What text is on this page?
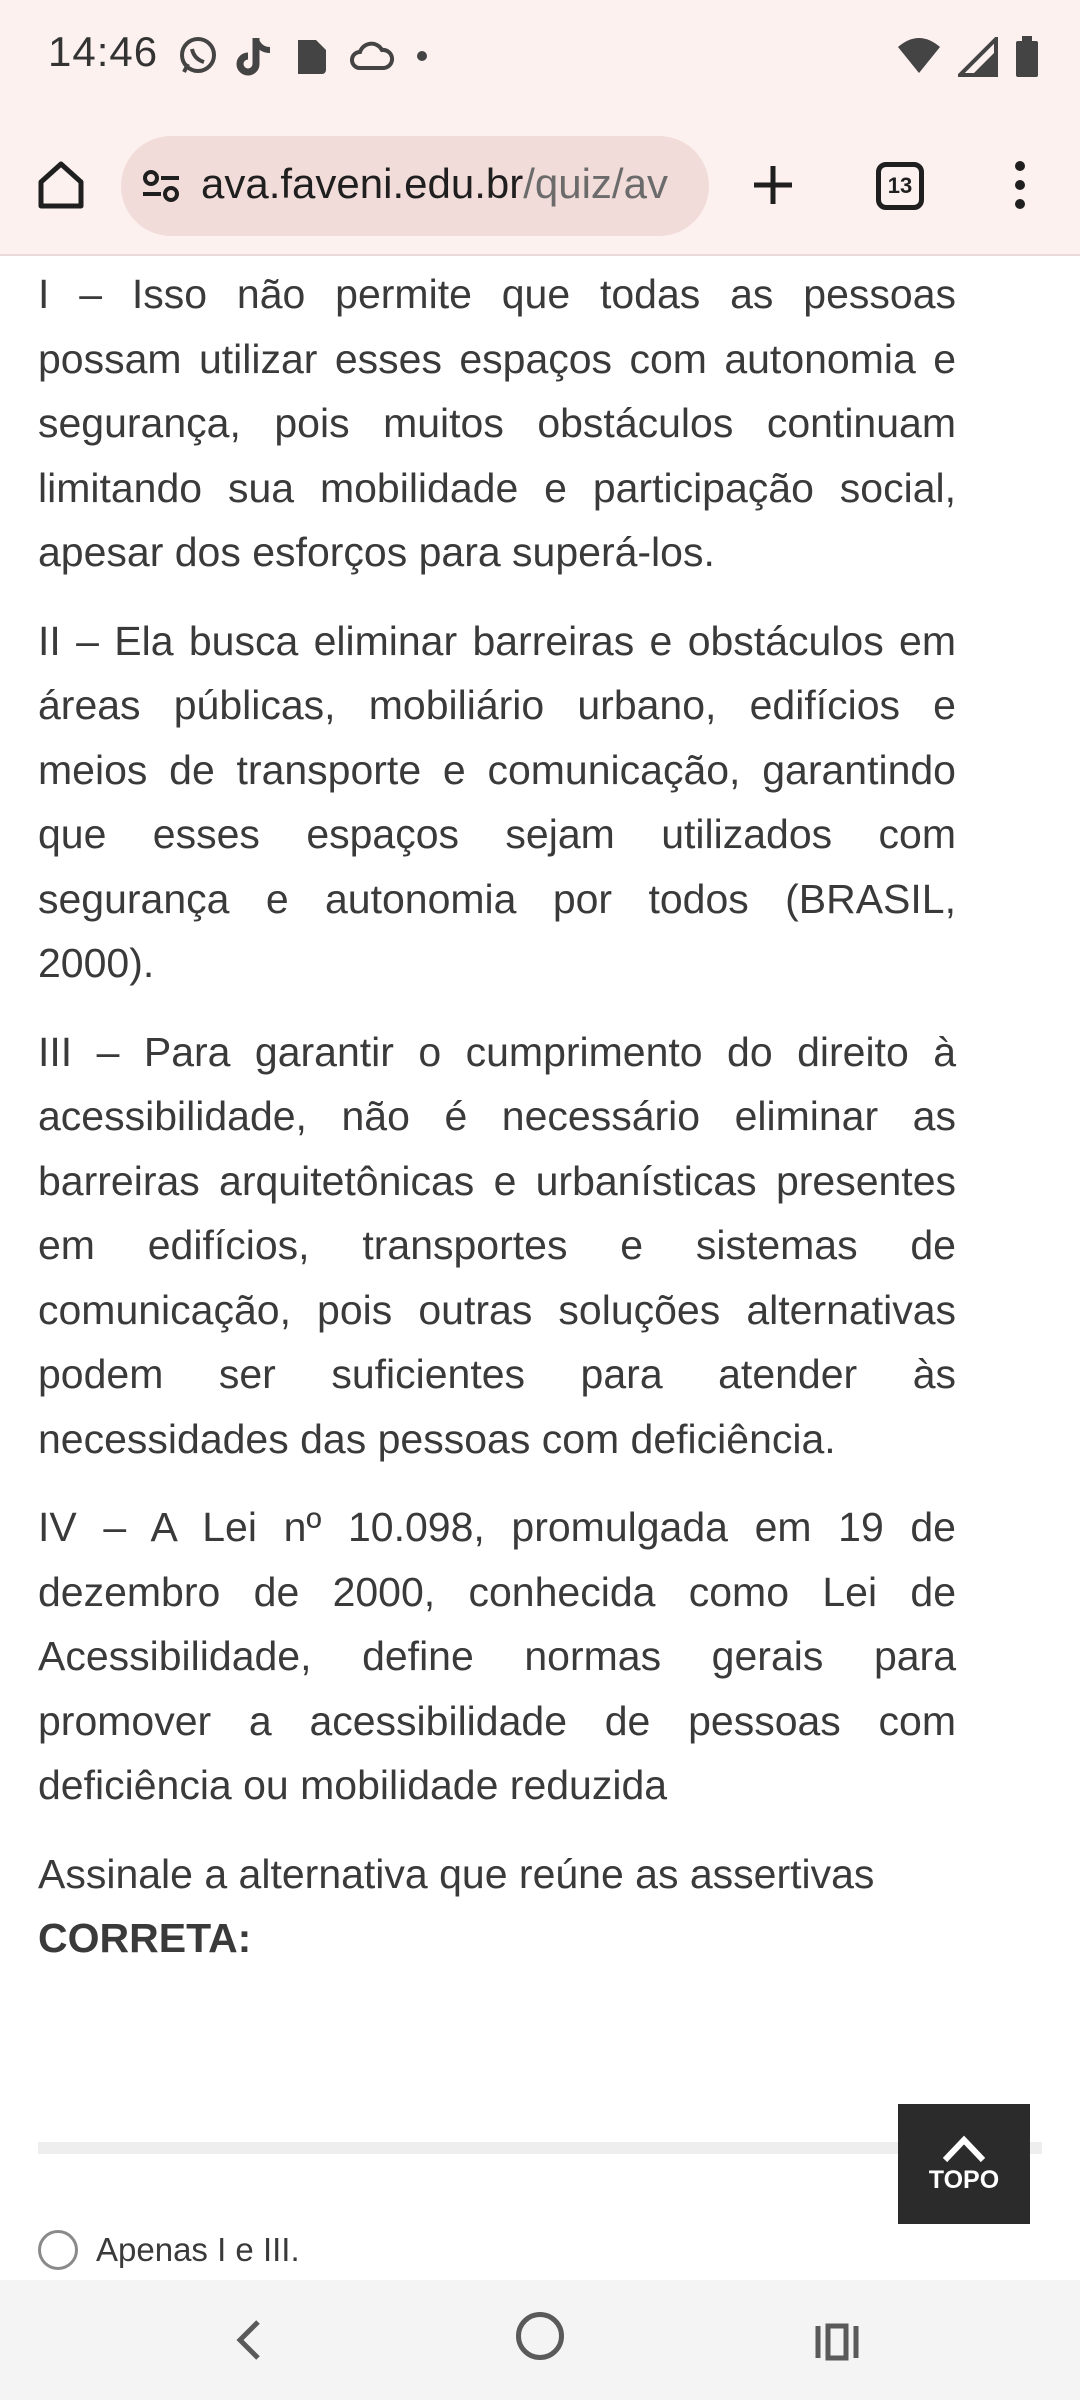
14:46
ava.faveni.edu.br/quiz/av	13

I – Isso não permite que todas as pessoas possam utilizar esses espaços com autonomia e segurança, pois muitos obstáculos continuam limitando sua mobilidade e participação social, apesar dos esforços para superá-los.

II – Ela busca eliminar barreiras e obstáculos em áreas públicas, mobiliário urbano, edifícios e meios de transporte e comunicação, garantindo que esses espaços sejam utilizados com segurança e autonomia por todos (BRASIL, 2000).

III – Para garantir o cumprimento do direito à acessibilidade, não é necessário eliminar as barreiras arquitetônicas e urbanísticas presentes em edifícios, transportes e sistemas de comunicação, pois outras soluções alternativas podem ser suficientes para atender às necessidades das pessoas com deficiência.

IV – A Lei nº 10.098, promulgada em 19 de dezembro de 2000, conhecida como Lei de Acessibilidade, define normas gerais para promover a acessibilidade de pessoas com deficiência ou mobilidade reduzida

Assinale a alternativa que reúne as assertivas
CORRETA:

Apenas I e III.
TOPO
